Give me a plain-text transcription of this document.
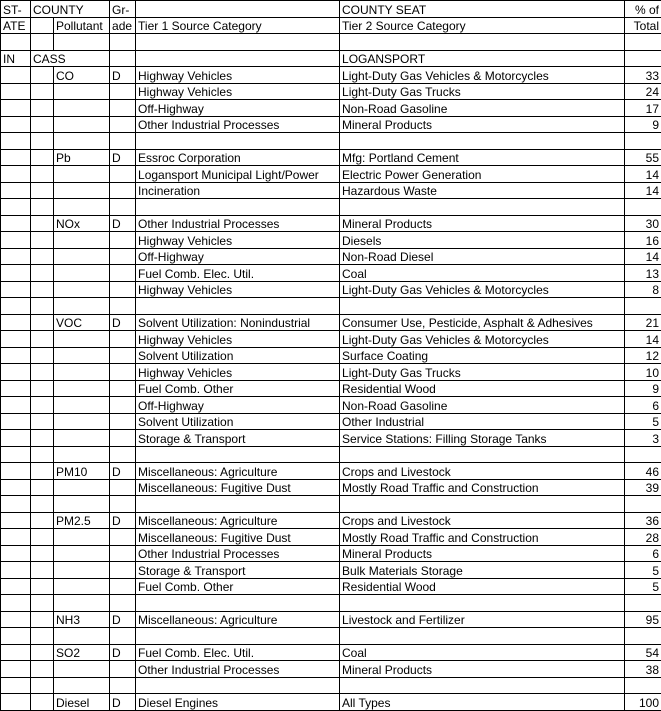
ST-	COUNTY		Gr-		COUNTY SEAT	% of
ATE		Pollutant	ade	Tier 1 Source Category	Tier 2 Source Category	Total

IN	CASS				LOGANSPORT	
		CO	D	Highway Vehicles	Light-Duty Gas Vehicles & Motorcycles	33
				Highway Vehicles	Light-Duty Gas Trucks	24
				Off-Highway	Non-Road Gasoline	17
				Other Industrial Processes	Mineral Products	9

		Pb	D	Essroc Corporation	Mfg: Portland Cement	55
				Logansport Municipal Light/Power	Electric Power Generation	14
				Incineration	Hazardous Waste	14

		NOx	D	Other Industrial Processes	Mineral Products	30
				Highway Vehicles	Diesels	16
				Off-Highway	Non-Road Diesel	14
				Fuel Comb. Elec. Util.	Coal	13
				Highway Vehicles	Light-Duty Gas Vehicles & Motorcycles	8

		VOC	D	Solvent Utilization: Nonindustrial	Consumer Use, Pesticide, Asphalt & Adhesives	21
				Highway Vehicles	Light-Duty Gas Vehicles & Motorcycles	14
				Solvent Utilization	Surface Coating	12
				Highway Vehicles	Light-Duty Gas Trucks	10
				Fuel Comb. Other	Residential Wood	9
				Off-Highway	Non-Road Gasoline	6
				Solvent Utilization	Other Industrial	5
				Storage & Transport	Service Stations: Filling Storage Tanks	3

		PM10	D	Miscellaneous: Agriculture	Crops and Livestock	46
				Miscellaneous: Fugitive Dust	Mostly Road Traffic and Construction	39

		PM2.5	D	Miscellaneous: Agriculture	Crops and Livestock	36
				Miscellaneous: Fugitive Dust	Mostly Road Traffic and Construction	28
				Other Industrial Processes	Mineral Products	6
				Storage & Transport	Bulk Materials Storage	5
				Fuel Comb. Other	Residential Wood	5

		NH3	D	Miscellaneous: Agriculture	Livestock and Fertilizer	95

		SO2	D	Fuel Comb. Elec. Util.	Coal	54
				Other Industrial Processes	Mineral Products	38

		Diesel	D	Diesel Engines	All Types	100
